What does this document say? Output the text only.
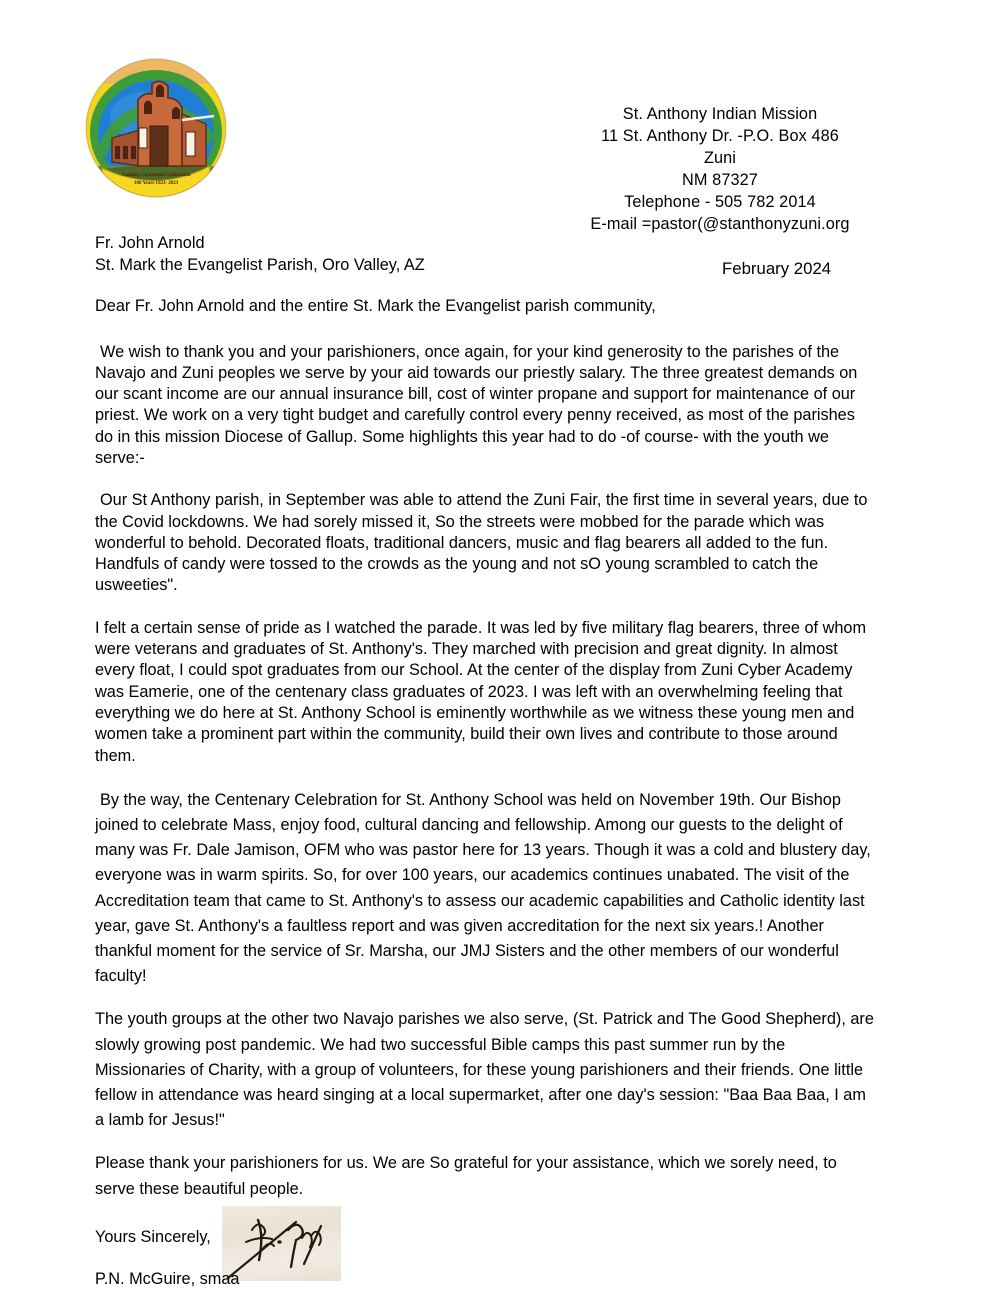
Anthony Centennial Celebration
100 Years 1923- 2023
St. Anthony Indian Mission
11 St. Anthony Dr. -P.O. Box 486
Zuni
NM 87327
Telephone - 505 782 2014
E-mail =pastor(@stanthonyzuni.org
Fr. John Arnold
St. Mark the Evangelist Parish, Oro Valley, AZ	February 2024
Dear Fr. John Arnold and the entire St. Mark the Evangelist parish community,

We wish to thank you and your parishioners, once again, for your kind generosity to the parishes of the Navajo and Zuni peoples we serve by your aid towards our priestly salary. The three greatest demands on our scant income are our annual insurance bill, cost of winter propane and support for maintenance of our priest. We work on a very tight budget and carefully control every penny received, as most of the parishes do in this mission Diocese of Gallup. Some highlights this year had to do -of course- with the youth we serve:-

Our St Anthony parish, in September was able to attend the Zuni Fair, the first time in several years, due to the Covid lockdowns. We had sorely missed it, So the streets were mobbed for the parade which was wonderful to behold. Decorated floats, traditional dancers, music and flag bearers all added to the fun. Handfuls of candy were tossed to the crowds as the young and not sO young scrambled to catch the usweeties".

I felt a certain sense of pride as I watched the parade. It was led by five military flag bearers, three of whom were veterans and graduates of St. Anthony's. They marched with precision and great dignity. In almost every float, I could spot graduates from our School. At the center of the display from Zuni Cyber Academy was Eamerie, one of the centenary class graduates of 2023. I was left with an overwhelming feeling that everything we do here at St. Anthony School is eminently worthwhile as we witness these young men and women take a prominent part within the community, build their own lives and contribute to those around them.

By the way, the Centenary Celebration for St. Anthony School was held on November 19th. Our Bishop joined to celebrate Mass, enjoy food, cultural dancing and fellowship. Among our guests to the delight of many was Fr. Dale Jamison, OFM who was pastor here for 13 years. Though it was a cold and blustery day, everyone was in warm spirits. So, for over 100 years, our academics continues unabated. The visit of the Accreditation team that came to St. Anthony's to assess our academic capabilities and Catholic identity last year, gave St. Anthony's a faultless report and was given accreditation for the next six years.! Another thankful moment for the service of Sr. Marsha, our JMJ Sisters and the other members of our wonderful faculty!

The youth groups at the other two Navajo parishes we also serve, (St. Patrick and The Good Shepherd), are slowly growing post pandemic. We had two successful Bible camps this past summer run by the Missionaries of Charity, with a group of volunteers, for these young parishioners and their friends. One little fellow in attendance was heard singing at a local supermarket, after one day's session: "Baa Baa Baa, I am a lamb for Jesus!"

Please thank your parishioners for us. We are So grateful for your assistance, which we sorely need, to serve these beautiful people.

Yours Sincerely,
P.N. McGuire, smaa
